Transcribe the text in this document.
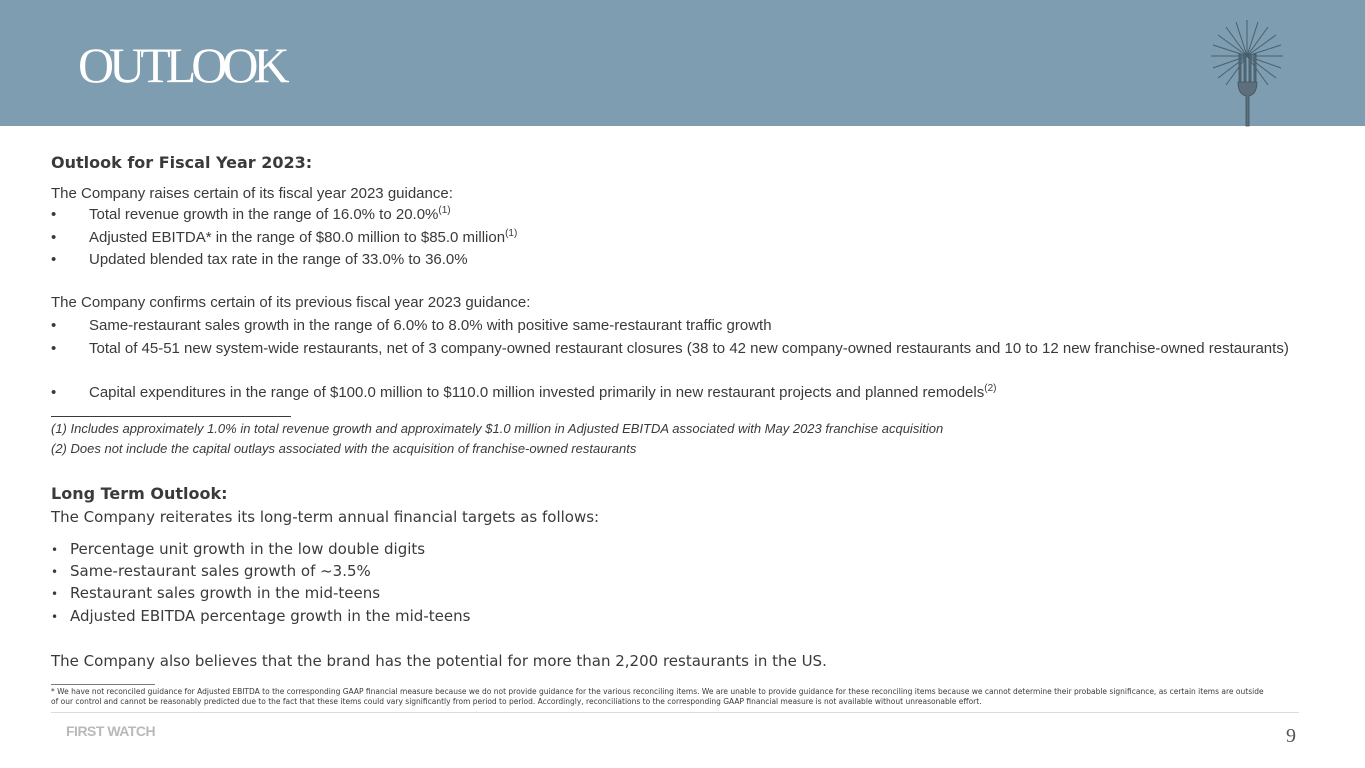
OUTLOOK
Outlook for Fiscal Year 2023:
The Company raises certain of its fiscal year 2023 guidance:
• Total revenue growth in the range of 16.0% to 20.0%$^{(1)}$
• Adjusted EBITDA* in the range of $80.0 million to $85.0 million$^{(1)}$
• Updated blended tax rate in the range of 33.0% to 36.0%
The Company confirms certain of its previous fiscal year 2023 guidance:
• Same-restaurant sales growth in the range of 6.0% to 8.0% with positive same-restaurant traffic growth
• Total of 45-51 new system-wide restaurants, net of 3 company-owned restaurant closures (38 to 42 new company-owned restaurants and 10 to 12 new franchise-owned restaurants)
• Capital expenditures in the range of $100.0 million to $110.0 million invested primarily in new restaurant projects and planned remodels$^{(2)}$
(1) Includes approximately 1.0% in total revenue growth and approximately $1.0 million in Adjusted EBITDA associated with May 2023 franchise acquisition
(2) Does not include the capital outlays associated with the acquisition of franchise-owned restaurants
Long Term Outlook:
The Company reiterates its long-term annual financial targets as follows:
• Percentage unit growth in the low double digits
• Same-restaurant sales growth of ~3.5%
• Restaurant sales growth in the mid-teens
• Adjusted EBITDA percentage growth in the mid-teens
The Company also believes that the brand has the potential for more than 2,200 restaurants in the US.
* We have not reconciled guidance for Adjusted EBITDA to the corresponding GAAP financial measure because we do not provide guidance for the various reconciling items. We are unable to provide guidance for these reconciling items because we cannot determine their probable significance, as certain items are outside of our control and cannot be reasonably predicted due to the fact that these items could vary significantly from period to period. Accordingly, reconciliations to the corresponding GAAP financial measure is not available without unreasonable effort.
FIRST WATCH	9
